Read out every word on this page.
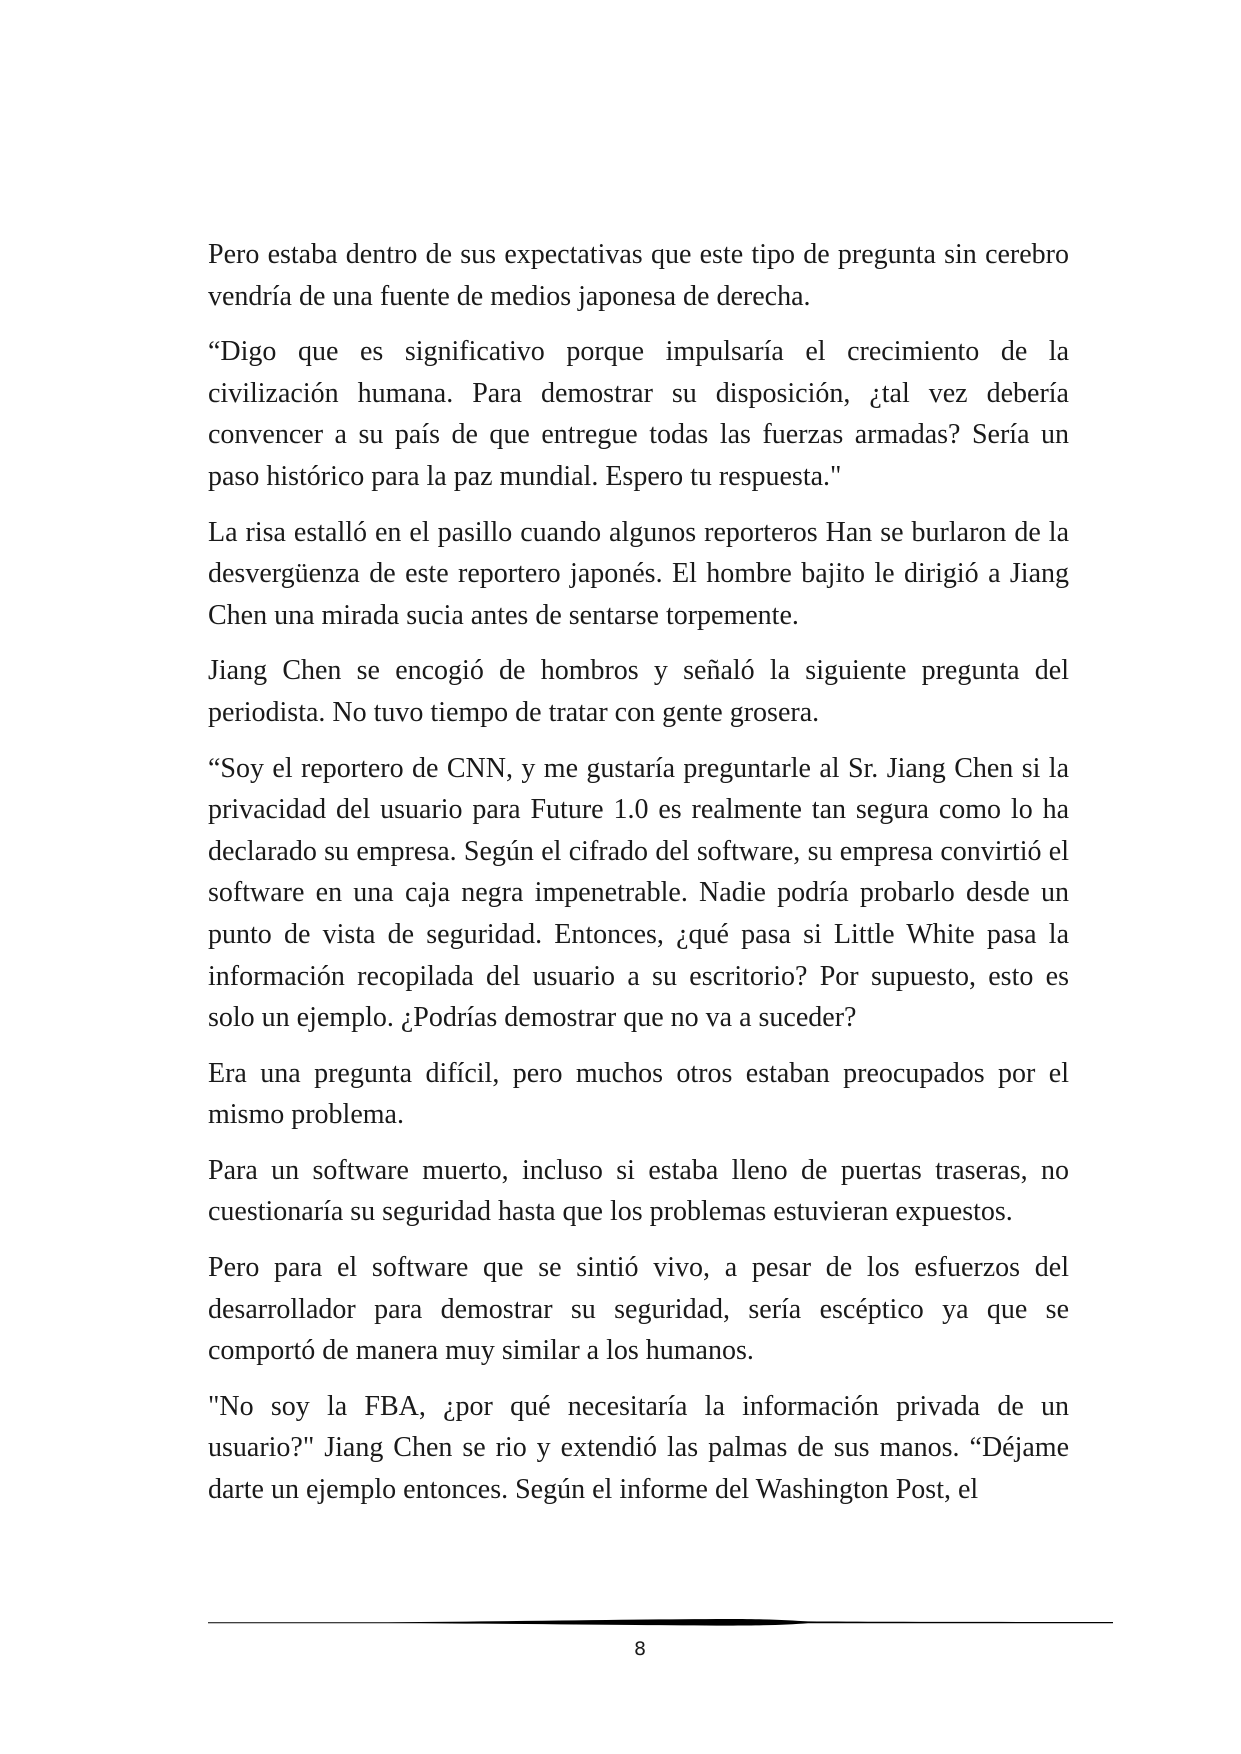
Pero estaba dentro de sus expectativas que este tipo de pregunta sin cerebro vendría de una fuente de medios japonesa de derecha.

“Digo que es significativo porque impulsaría el crecimiento de la civilización humana. Para demostrar su disposición, ¿tal vez debería convencer a su país de que entregue todas las fuerzas armadas? Sería un paso histórico para la paz mundial. Espero tu respuesta."

La risa estalló en el pasillo cuando algunos reporteros Han se burlaron de la desvergüenza de este reportero japonés. El hombre bajito le dirigió a Jiang Chen una mirada sucia antes de sentarse torpemente.

Jiang Chen se encogió de hombros y señaló la siguiente pregunta del periodista. No tuvo tiempo de tratar con gente grosera.

“Soy el reportero de CNN, y me gustaría preguntarle al Sr. Jiang Chen si la privacidad del usuario para Future 1.0 es realmente tan segura como lo ha declarado su empresa. Según el cifrado del software, su empresa convirtió el software en una caja negra impenetrable. Nadie podría probarlo desde un punto de vista de seguridad. Entonces, ¿qué pasa si Little White pasa la información recopilada del usuario a su escritorio? Por supuesto, esto es solo un ejemplo. ¿Podrías demostrar que no va a suceder?

Era una pregunta difícil, pero muchos otros estaban preocupados por el mismo problema.

Para un software muerto, incluso si estaba lleno de puertas traseras, no cuestionaría su seguridad hasta que los problemas estuvieran expuestos.

Pero para el software que se sintió vivo, a pesar de los esfuerzos del desarrollador para demostrar su seguridad, sería escéptico ya que se comportó de manera muy similar a los humanos.

"No soy la FBA, ¿por qué necesitaría la información privada de un usuario?" Jiang Chen se rio y extendió las palmas de sus manos. “Déjame darte un ejemplo entonces. Según el informe del Washington Post, el

8
